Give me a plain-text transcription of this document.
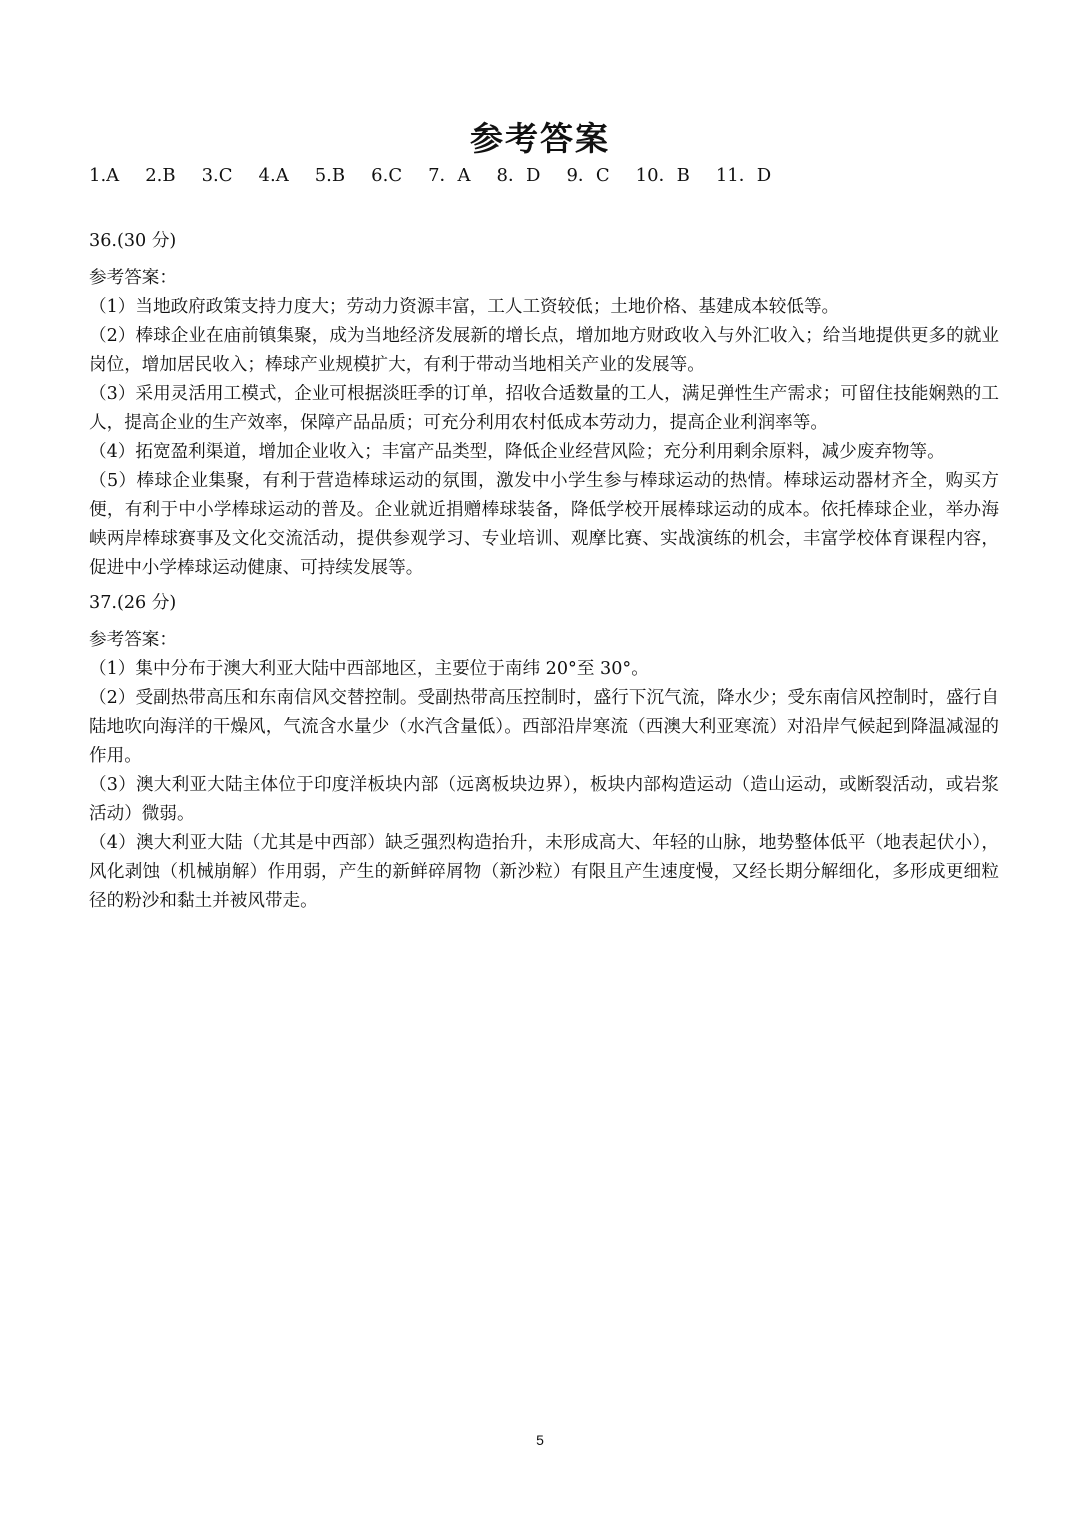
参考答案
1.A 2.B 3.C 4.A 5.B 6.C 7．A 8．D 9．C 10．B 11．D

36.(30 分)

参考答案：

（1）当地政府政策支持力度大；劳动力资源丰富，工人工资较低；土地价格、基建成本较低等。

（2）棒球企业在庙前镇集聚，成为当地经济发展新的增长点，增加地方财政收入与外汇收入；给当地提供更多的就业岗位，增加居民收入；棒球产业规模扩大，有利于带动当地相关产业的发展等。

（3）采用灵活用工模式，企业可根据淡旺季的订单，招收合适数量的工人，满足弹性生产需求；可留住技能娴熟的工人，提高企业的生产效率，保障产品品质；可充分利用农村低成本劳动力，提高企业利润率等。

（4）拓宽盈利渠道，增加企业收入；丰富产品类型，降低企业经营风险；充分利用剩余原料，减少废弃物等。

（5）棒球企业集聚，有利于营造棒球运动的氛围，激发中小学生参与棒球运动的热情。棒球运动器材齐全，购买方便，有利于中小学棒球运动的普及。企业就近捐赠棒球装备，降低学校开展棒球运动的成本。依托棒球企业，举办海峡两岸棒球赛事及文化交流活动，提供参观学习、专业培训、观摩比赛、实战演练的机会，丰富学校体育课程内容，促进中小学棒球运动健康、可持续发展等。

37.(26 分)

参考答案：

（1）集中分布于澳大利亚大陆中西部地区，主要位于南纬 20°至 30°。

（2）受副热带高压和东南信风交替控制。受副热带高压控制时，盛行下沉气流，降水少；受东南信风控制时，盛行自陆地吹向海洋的干燥风，气流含水量少（水汽含量低）。西部沿岸寒流（西澳大利亚寒流）对沿岸气候起到降温减湿的作用。

（3）澳大利亚大陆主体位于印度洋板块内部（远离板块边界），板块内部构造运动（造山运动，或断裂活动，或岩浆活动）微弱。

（4）澳大利亚大陆（尤其是中西部）缺乏强烈构造抬升，未形成高大、年轻的山脉，地势整体低平（地表起伏小），风化剥蚀（机械崩解）作用弱，产生的新鲜碎屑物（新沙粒）有限且产生速度慢，又经长期分解细化，多形成更细粒径的粉沙和黏土并被风带走。

5
